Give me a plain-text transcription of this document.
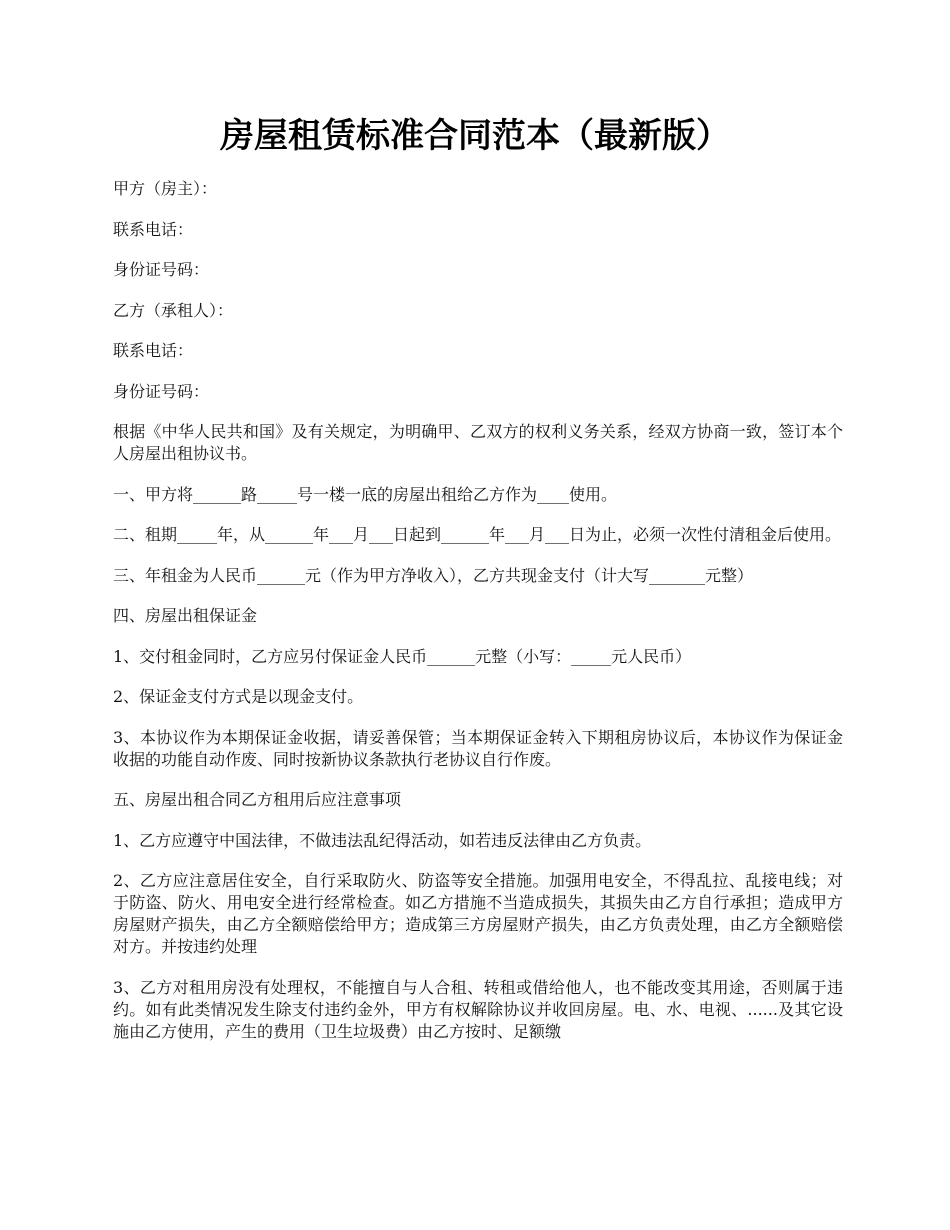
房屋租赁标准合同范本（最新版）

甲方（房主）：

联系电话：

身份证号码：

乙方（承租人）：

联系电话：

身份证号码：

根据《中华人民共和国》及有关规定，为明确甲、乙双方的权利义务关系，经双方协商一致，签订本个人房屋出租协议书。

一、甲方将______路_____号一楼一底的房屋出租给乙方作为____使用。

二、租期_____年，从______年___月___日起到______年___月___日为止，必须一次性付清租金后使用。

三、年租金为人民币______元（作为甲方净收入），乙方共现金支付（计大写_______元整）

四、房屋出租保证金

1、交付租金同时，乙方应另付保证金人民币______元整（小写：_____元人民币）

2、保证金支付方式是以现金支付。

3、本协议作为本期保证金收据，请妥善保管；当本期保证金转入下期租房协议后，本协议作为保证金收据的功能自动作废、同时按新协议条款执行老协议自行作废。

五、房屋出租合同乙方租用后应注意事项

1、乙方应遵守中国法律，不做违法乱纪得活动，如若违反法律由乙方负责。

2、乙方应注意居住安全，自行采取防火、防盗等安全措施。加强用电安全，不得乱拉、乱接电线；对于防盗、防火、用电安全进行经常检查。如乙方措施不当造成损失，其损失由乙方自行承担；造成甲方房屋财产损失，由乙方全额赔偿给甲方；造成第三方房屋财产损失，由乙方负责处理，由乙方全额赔偿对方。并按违约处理

3、乙方对租用房没有处理权，不能擅自与人合租、转租或借给他人，也不能改变其用途，否则属于违约。如有此类情况发生除支付违约金外，甲方有权解除协议并收回房屋。电、水、电视、......及其它设施由乙方使用，产生的费用（卫生垃圾费）由乙方按时、足额缴
